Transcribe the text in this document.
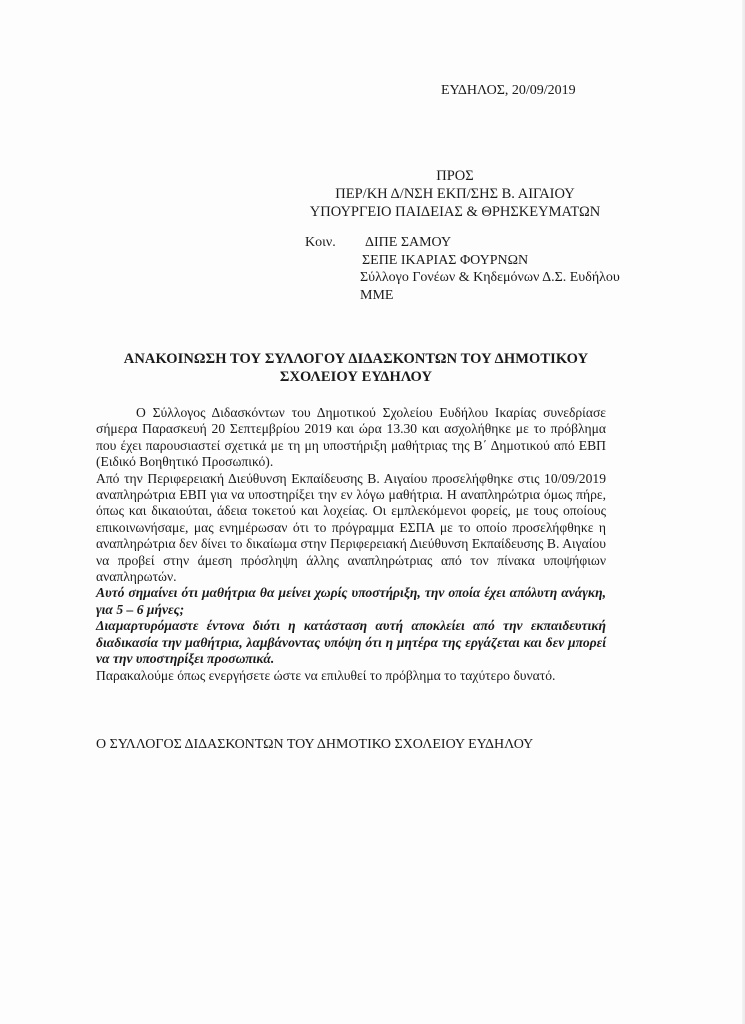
ΕΥΔΗΛΟΣ, 20/09/2019
ΠΡΟΣ
ΠΕΡ/ΚΗ Δ/ΝΣΗ ΕΚΠ/ΣΗΣ Β. ΑΙΓΑΙΟΥ
ΥΠΟΥΡΓΕΙΟ ΠΑΙΔΕΙΑΣ & ΘΡΗΣΚΕΥΜΑΤΩΝ
Κοιν. ΔΙΠΕ ΣΑΜΟΥ
ΣΕΠΕ ΙΚΑΡΙΑΣ ΦΟΥΡΝΩΝ
Σύλλογο Γονέων & Κηδεμόνων Δ.Σ. Ευδήλου
ΜΜΕ
ΑΝΑΚΟΙΝΩΣΗ ΤΟΥ ΣΥΛΛΟΓΟΥ ΔΙΔΑΣΚΟΝΤΩΝ ΤΟΥ ΔΗΜΟΤΙΚΟΥ
ΣΧΟΛΕΙΟΥ ΕΥΔΗΛΟΥ

Ο Σύλλογος Διδασκόντων του Δημοτικού Σχολείου Ευδήλου Ικαρίας συνεδρίασε σήμερα Παρασκευή 20 Σεπτεμβρίου 2019 και ώρα 13.30 και ασχολήθηκε με το πρόβλημα που έχει παρουσιαστεί σχετικά με τη μη υποστήριξη μαθήτριας της Β΄ Δημοτικού από ΕΒΠ (Ειδικό Βοηθητικό Προσωπικό).

Από την Περιφερειακή Διεύθυνση Εκπαίδευσης Β. Αιγαίου προσελήφθηκε στις 10/09/2019 αναπληρώτρια ΕΒΠ για να υποστηρίξει την εν λόγω μαθήτρια. Η αναπληρώτρια όμως πήρε, όπως και δικαιούται, άδεια τοκετού και λοχείας. Οι εμπλεκόμενοι φορείς, με τους οποίους επικοινωνήσαμε, μας ενημέρωσαν ότι το πρόγραμμα ΕΣΠΑ με το οποίο προσελήφθηκε η αναπληρώτρια δεν δίνει το δικαίωμα στην Περιφερειακή Διεύθυνση Εκπαίδευσης Β. Αιγαίου να προβεί στην άμεση πρόσληψη άλλης αναπληρώτριας από τον πίνακα υποψήφιων αναπληρωτών.

Αυτό σημαίνει ότι μαθήτρια θα μείνει χωρίς υποστήριξη, την οποία έχει απόλυτη ανάγκη, για 5 – 6 μήνες;

Διαμαρτυρόμαστε έντονα διότι η κατάσταση αυτή αποκλείει από την εκπαιδευτική διαδικασία την μαθήτρια, λαμβάνοντας υπόψη ότι η μητέρα της εργάζεται και δεν μπορεί να την υποστηρίξει προσωπικά.

Παρακαλούμε όπως ενεργήσετε ώστε να επιλυθεί το πρόβλημα το ταχύτερο δυνατό.

Ο ΣΥΛΛΟΓΟΣ ΔΙΔΑΣΚΟΝΤΩΝ ΤΟΥ ΔΗΜΟΤΙΚΟ ΣΧΟΛΕΙΟΥ ΕΥΔΗΛΟΥ
